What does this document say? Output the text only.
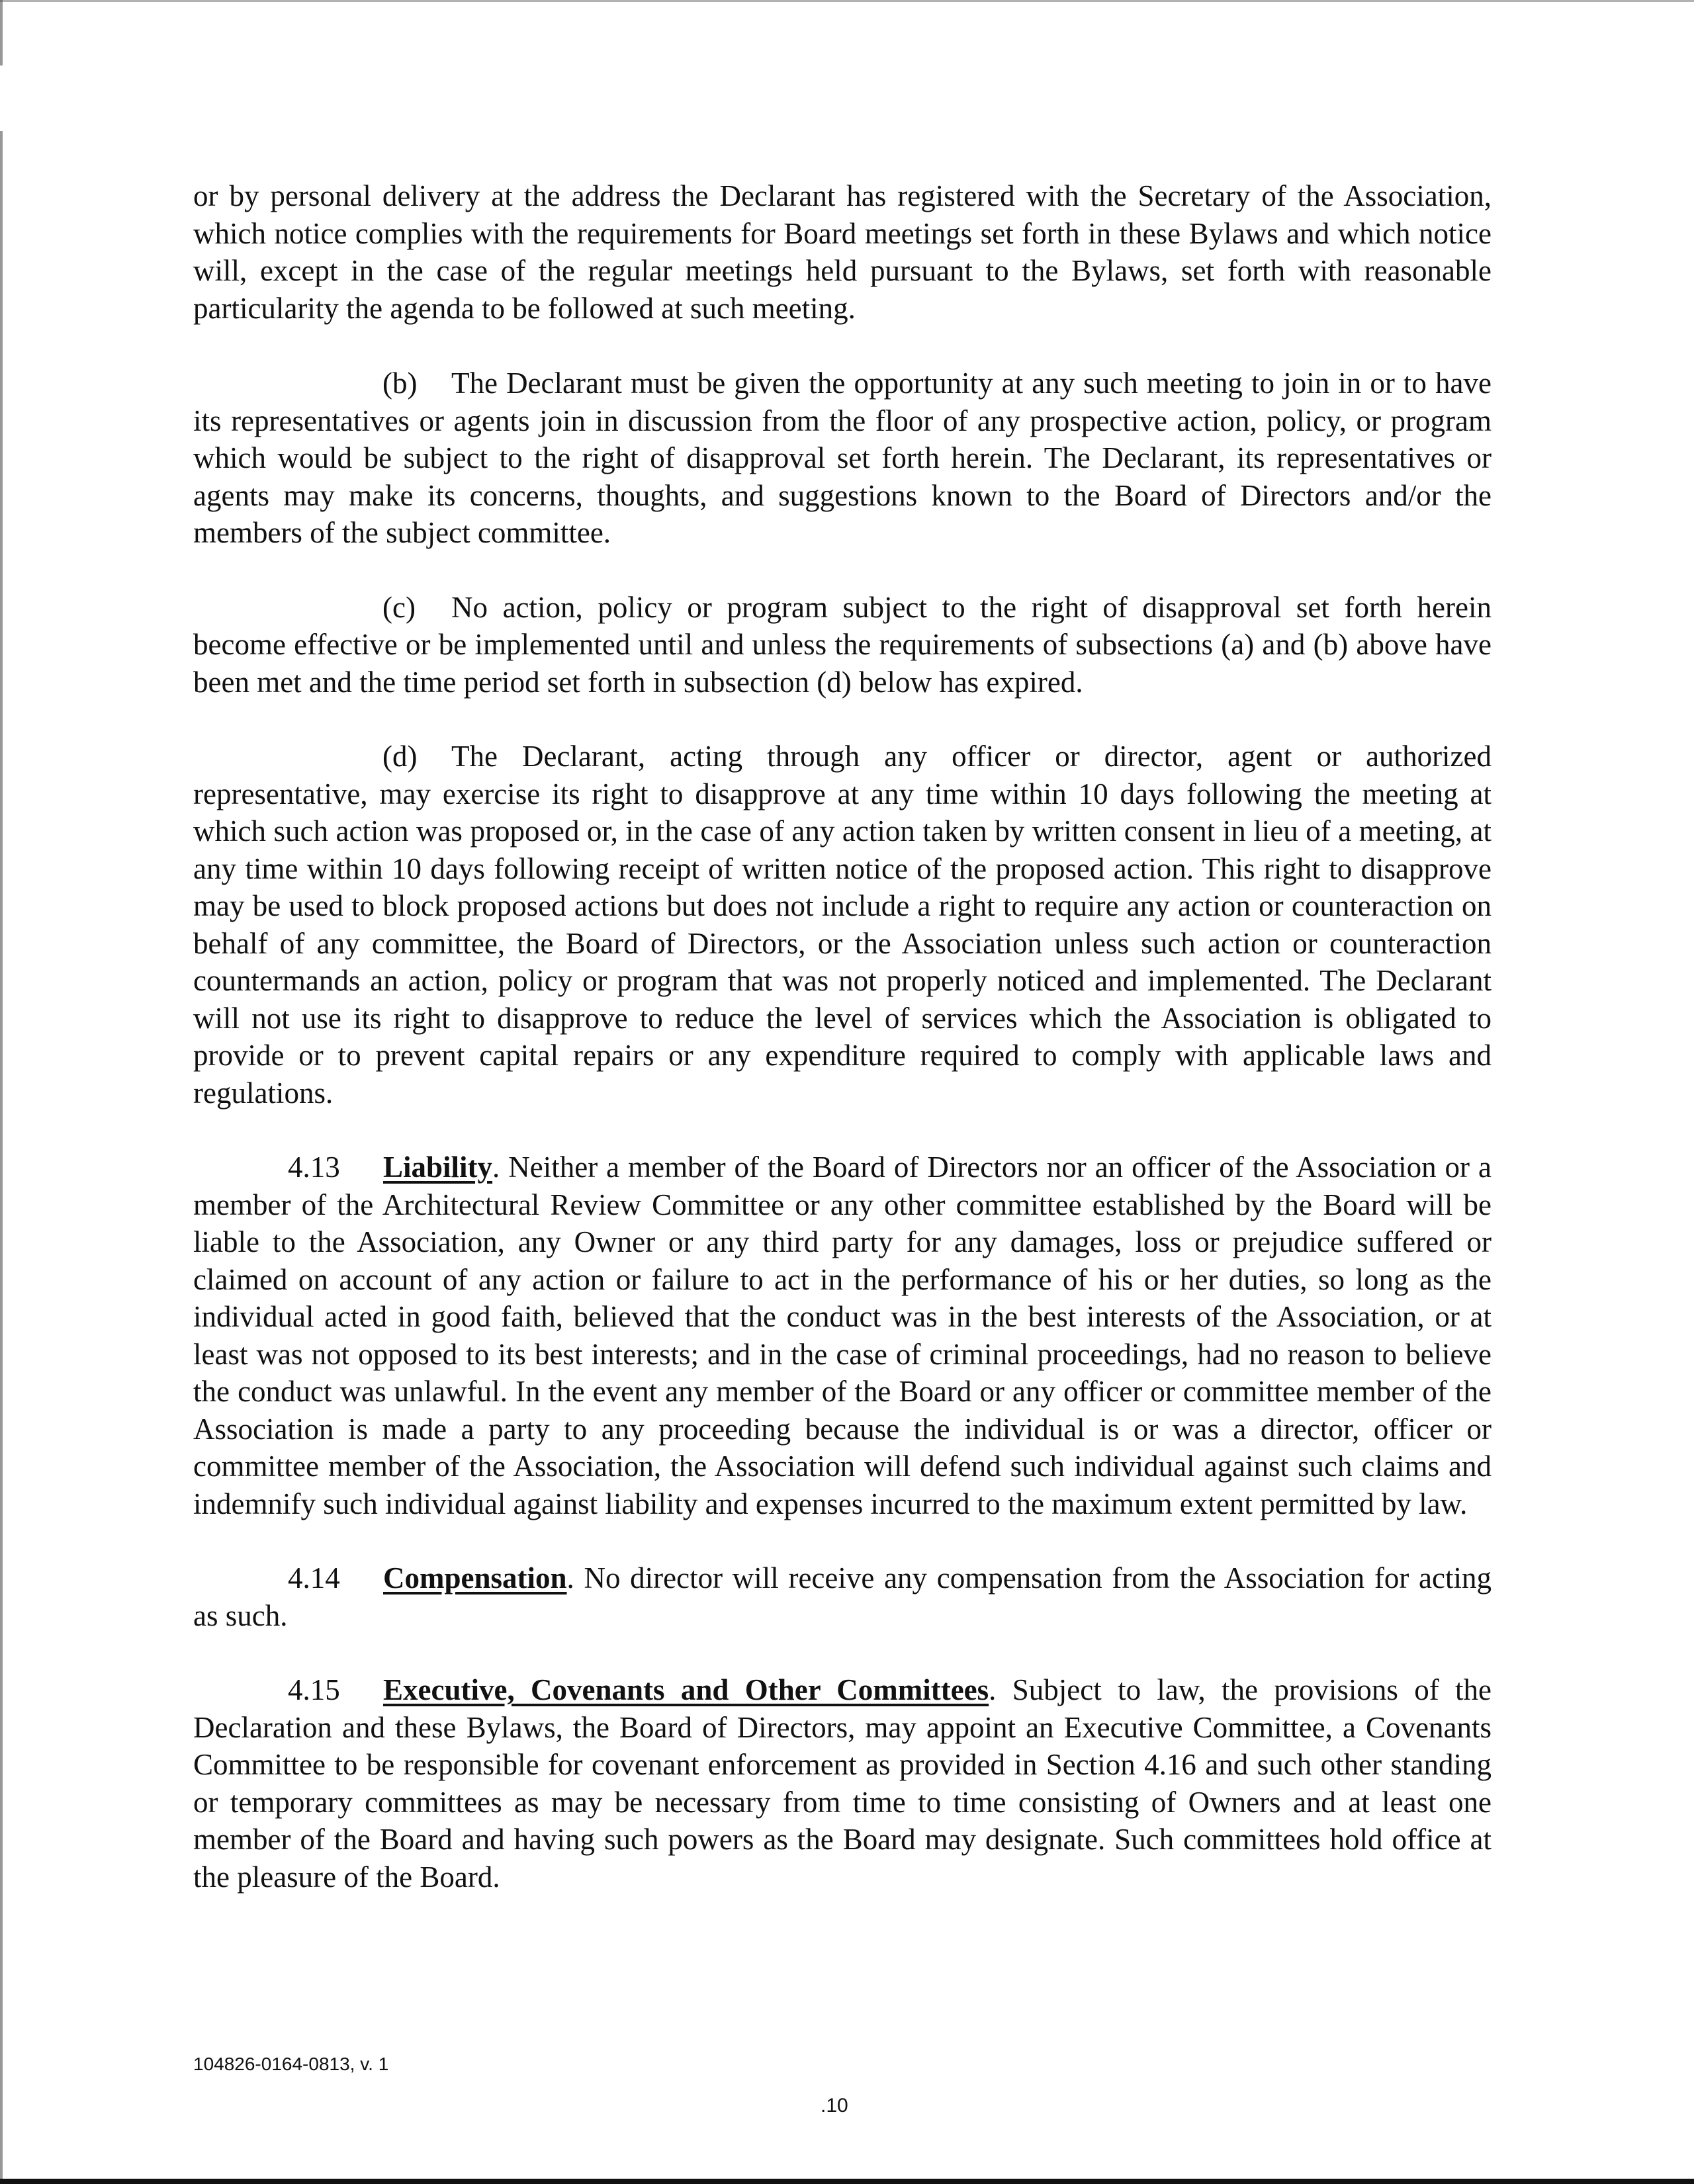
or by personal delivery at the address the Declarant has registered with the Secretary of the Association, which notice complies with the requirements for Board meetings set forth in these Bylaws and which notice will, except in the case of the regular meetings held pursuant to the Bylaws, set forth with reasonable particularity the agenda to be followed at such meeting.

(b) The Declarant must be given the opportunity at any such meeting to join in or to have its representatives or agents join in discussion from the floor of any prospective action, policy, or program which would be subject to the right of disapproval set forth herein. The Declarant, its representatives or agents may make its concerns, thoughts, and suggestions known to the Board of Directors and/or the members of the subject committee.

(c) No action, policy or program subject to the right of disapproval set forth herein become effective or be implemented until and unless the requirements of subsections (a) and (b) above have been met and the time period set forth in subsection (d) below has expired.

(d) The Declarant, acting through any officer or director, agent or authorized representative, may exercise its right to disapprove at any time within 10 days following the meeting at which such action was proposed or, in the case of any action taken by written consent in lieu of a meeting, at any time within 10 days following receipt of written notice of the proposed action. This right to disapprove may be used to block proposed actions but does not include a right to require any action or counteraction on behalf of any committee, the Board of Directors, or the Association unless such action or counteraction countermands an action, policy or program that was not properly noticed and implemented. The Declarant will not use its right to disapprove to reduce the level of services which the Association is obligated to provide or to prevent capital repairs or any expenditure required to comply with applicable laws and regulations.

4.13 Liability. Neither a member of the Board of Directors nor an officer of the Association or a member of the Architectural Review Committee or any other committee established by the Board will be liable to the Association, any Owner or any third party for any damages, loss or prejudice suffered or claimed on account of any action or failure to act in the performance of his or her duties, so long as the individual acted in good faith, believed that the conduct was in the best interests of the Association, or at least was not opposed to its best interests; and in the case of criminal proceedings, had no reason to believe the conduct was unlawful. In the event any member of the Board or any officer or committee member of the Association is made a party to any proceeding because the individual is or was a director, officer or committee member of the Association, the Association will defend such individual against such claims and indemnify such individual against liability and expenses incurred to the maximum extent permitted by law.

4.14 Compensation. No director will receive any compensation from the Association for acting as such.

4.15 Executive, Covenants and Other Committees. Subject to law, the provisions of the Declaration and these Bylaws, the Board of Directors, may appoint an Executive Committee, a Covenants Committee to be responsible for covenant enforcement as provided in Section 4.16 and such other standing or temporary committees as may be necessary from time to time consisting of Owners and at least one member of the Board and having such powers as the Board may designate. Such committees hold office at the pleasure of the Board.

104826-0164-0813, v. 1
.10
